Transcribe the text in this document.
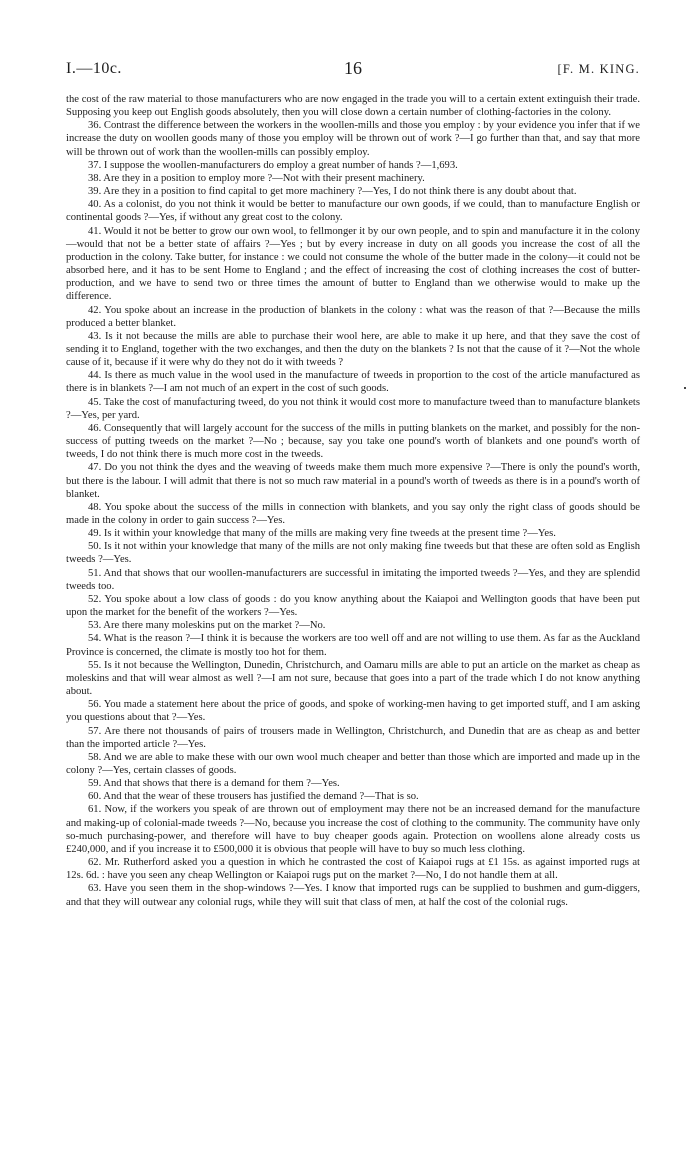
I.—10c.	16	[F. M. KING.

the cost of the raw material to those manufacturers who are now engaged in the trade you will to a certain extent extinguish their trade. Supposing you keep out English goods absolutely, then you will close down a certain number of clothing-factories in the colony.

36. Contrast the difference between the workers in the woollen-mills and those you employ : by your evidence you infer that if we increase the duty on woollen goods many of those you employ will be thrown out of work ?—I go further than that, and say that more will be thrown out of work than the woollen-mills can possibly employ.

37. I suppose the woollen-manufacturers do employ a great number of hands ?—1,693.

38. Are they in a position to employ more ?—Not with their present machinery.

39. Are they in a position to find capital to get more machinery ?—Yes, I do not think there is any doubt about that.

40. As a colonist, do you not think it would be better to manufacture our own goods, if we could, than to manufacture English or continental goods ?—Yes, if without any great cost to the colony.

41. Would it not be better to grow our own wool, to fellmonger it by our own people, and to spin and manufacture it in the colony—would that not be a better state of affairs ?—Yes ; but by every increase in duty on all goods you increase the cost of all the production in the colony. Take butter, for instance : we could not consume the whole of the butter made in the colony—it could not be absorbed here, and it has to be sent Home to England ; and the effect of increasing the cost of clothing increases the cost of butter-production, and we have to send two or three times the amount of butter to England than we otherwise would to make up the difference.

42. You spoke about an increase in the production of blankets in the colony : what was the reason of that ?—Because the mills produced a better blanket.

43. Is it not because the mills are able to purchase their wool here, are able to make it up here, and that they save the cost of sending it to England, together with the two exchanges, and then the duty on the blankets ? Is not that the cause of it ?—Not the whole cause of it, because if it were why do they not do it with tweeds ?

44. Is there as much value in the wool used in the manufacture of tweeds in proportion to the cost of the article manufactured as there is in blankets ?—I am not much of an expert in the cost of such goods.

45. Take the cost of manufacturing tweed, do you not think it would cost more to manufacture tweed than to manufacture blankets ?—Yes, per yard.

46. Consequently that will largely account for the success of the mills in putting blankets on the market, and possibly for the non-success of putting tweeds on the market ?—No ; because, say you take one pound's worth of blankets and one pound's worth of tweeds, I do not think there is much more cost in the tweeds.

47. Do you not think the dyes and the weaving of tweeds make them much more expensive ?—There is only the pound's worth, but there is the labour. I will admit that there is not so much raw material in a pound's worth of tweeds as there is in a pound's worth of blanket.

48. You spoke about the success of the mills in connection with blankets, and you say only the right class of goods should be made in the colony in order to gain success ?—Yes.

49. Is it within your knowledge that many of the mills are making very fine tweeds at the present time ?—Yes.

50. Is it not within your knowledge that many of the mills are not only making fine tweeds but that these are often sold as English tweeds ?—Yes.

51. And that shows that our woollen-manufacturers are successful in imitating the imported tweeds ?—Yes, and they are splendid tweeds too.

52. You spoke about a low class of goods : do you know anything about the Kaiapoi and Wellington goods that have been put upon the market for the benefit of the workers ?—Yes.

53. Are there many moleskins put on the market ?—No.

54. What is the reason ?—I think it is because the workers are too well off and are not willing to use them. As far as the Auckland Province is concerned, the climate is mostly too hot for them.

55. Is it not because the Wellington, Dunedin, Christchurch, and Oamaru mills are able to put an article on the market as cheap as moleskins and that will wear almost as well ?—I am not sure, because that goes into a part of the trade which I do not know anything about.

56. You made a statement here about the price of goods, and spoke of working-men having to get imported stuff, and I am asking you questions about that ?—Yes.

57. Are there not thousands of pairs of trousers made in Wellington, Christchurch, and Dunedin that are as cheap as and better than the imported article ?—Yes.

58. And we are able to make these with our own wool much cheaper and better than those which are imported and made up in the colony ?—Yes, certain classes of goods.

59. And that shows that there is a demand for them ?—Yes.

60. And that the wear of these trousers has justified the demand ?—That is so.

61. Now, if the workers you speak of are thrown out of employment may there not be an increased demand for the manufacture and making-up of colonial-made tweeds ?—No, because you increase the cost of clothing to the community. The community have only so-much purchasing-power, and therefore will have to buy cheaper goods again. Protection on woollens alone already costs us £240,000, and if you increase it to £500,000 it is obvious that people will have to buy so much less clothing.

62. Mr. Rutherford asked you a question in which he contrasted the cost of Kaiapoi rugs at £1 15s. as against imported rugs at 12s. 6d. : have you seen any cheap Wellington or Kaiapoi rugs put on the market ?—No, I do not handle them at all.

63. Have you seen them in the shop-windows ?—Yes. I know that imported rugs can be supplied to bushmen and gum-diggers, and that they will outwear any colonial rugs, while they will suit that class of men, at half the cost of the colonial rugs.
